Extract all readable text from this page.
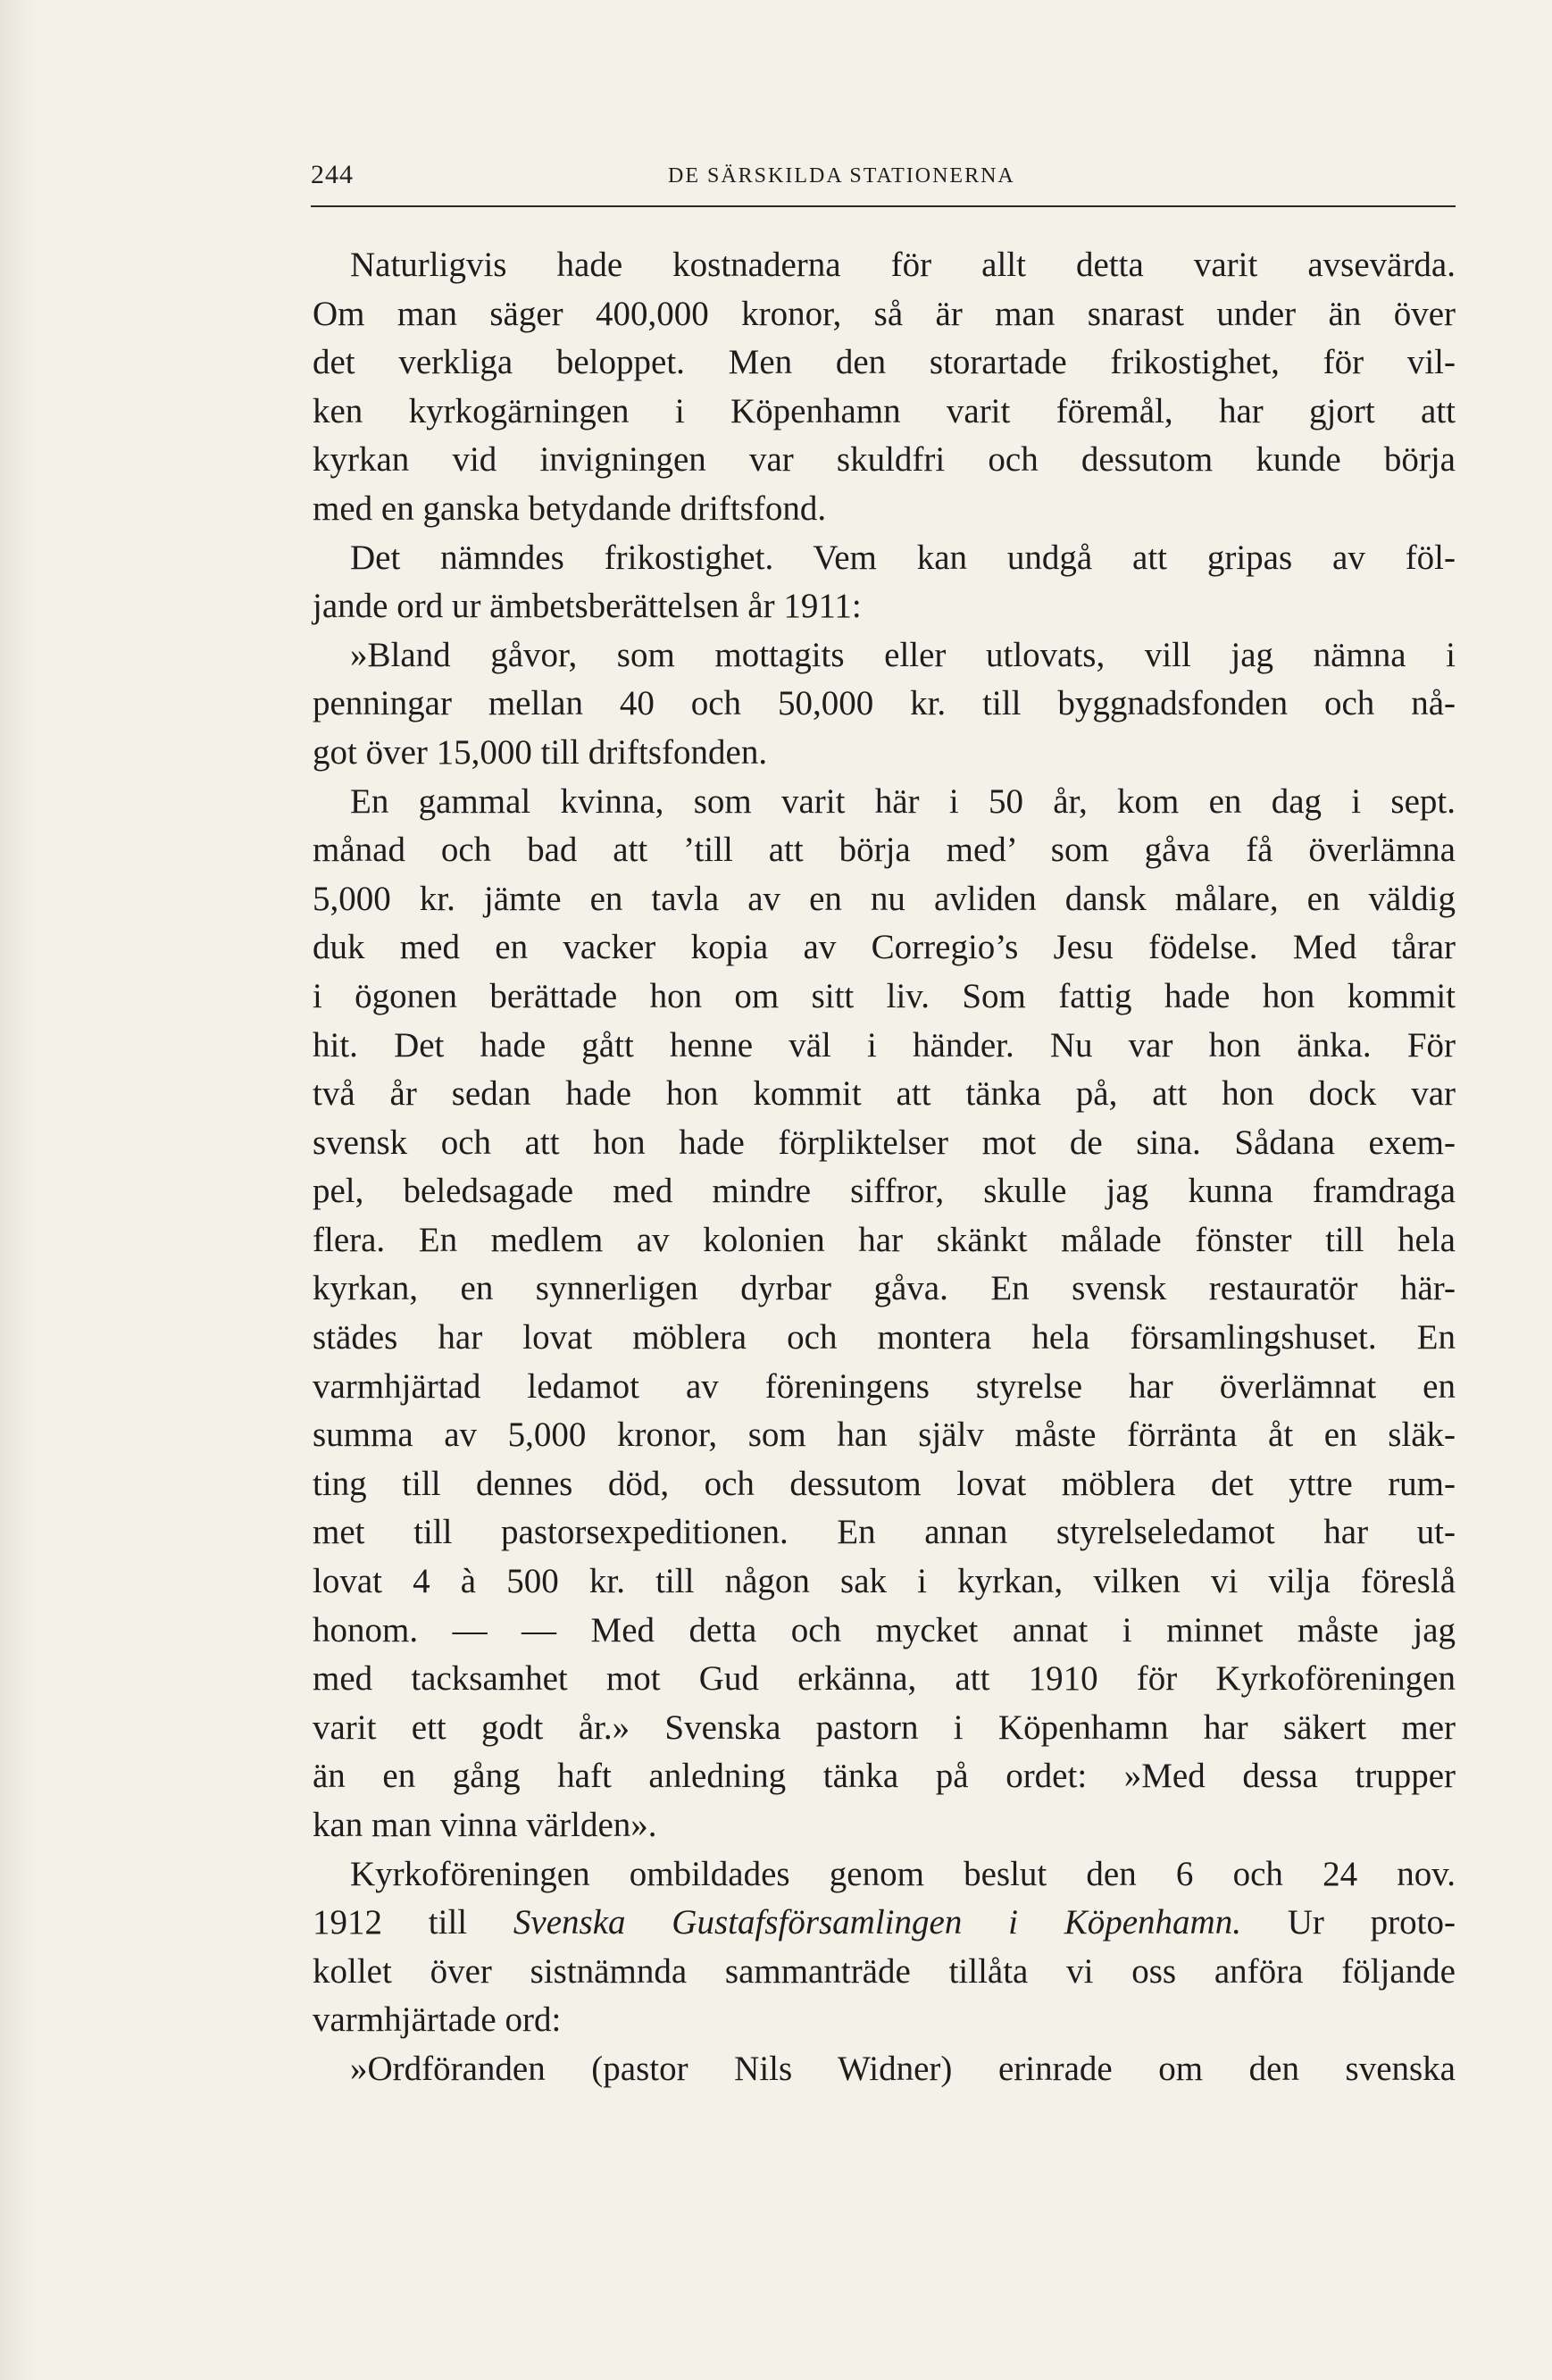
244	DE SÄRSKILDA STATIONERNA
Naturligvis hade kostnaderna för allt detta varit avsevärda.
Om man säger 400,000 kronor, så är man snarast under än över
det verkliga beloppet. Men den storartade frikostighet, för vil-
ken kyrkogärningen i Köpenhamn varit föremål, har gjort att
kyrkan vid invigningen var skuldfri och dessutom kunde börja
med en ganska betydande driftsfond.
Det nämndes frikostighet. Vem kan undgå att gripas av föl-
jande ord ur ämbetsberättelsen år 1911:
»Bland gåvor, som mottagits eller utlovats, vill jag nämna i
penningar mellan 40 och 50,000 kr. till byggnadsfonden och nå-
got över 15,000 till driftsfonden.
En gammal kvinna, som varit här i 50 år, kom en dag i sept.
månad och bad att ’till att börja med’ som gåva få överlämna
5,000 kr. jämte en tavla av en nu avliden dansk målare, en väldig
duk med en vacker kopia av Corregio’s Jesu födelse. Med tårar
i ögonen berättade hon om sitt liv. Som fattig hade hon kommit
hit. Det hade gått henne väl i händer. Nu var hon änka. För
två år sedan hade hon kommit att tänka på, att hon dock var
svensk och att hon hade förpliktelser mot de sina. Sådana exem-
pel, beledsagade med mindre siffror, skulle jag kunna framdraga
flera. En medlem av kolonien har skänkt målade fönster till hela
kyrkan, en synnerligen dyrbar gåva. En svensk restauratör här-
städes har lovat möblera och montera hela församlingshuset. En
varmhjärtad ledamot av föreningens styrelse har överlämnat en
summa av 5,000 kronor, som han själv måste förränta åt en släk-
ting till dennes död, och dessutom lovat möblera det yttre rum-
met till pastorsexpeditionen. En annan styrelseledamot har ut-
lovat 4 à 500 kr. till någon sak i kyrkan, vilken vi vilja föreslå
honom. — — Med detta och mycket annat i minnet måste jag
med tacksamhet mot Gud erkänna, att 1910 för Kyrkoföreningen
varit ett godt år.» Svenska pastorn i Köpenhamn har säkert mer
än en gång haft anledning tänka på ordet: »Med dessa trupper
kan man vinna världen».
Kyrkoföreningen ombildades genom beslut den 6 och 24 nov.
1912 till Svenska Gustafsförsamlingen i Köpenhamn. Ur proto-
kollet över sistnämnda sammanträde tillåta vi oss anföra följande
varmhjärtade ord:
»Ordföranden (pastor Nils Widner) erinrade om den svenska
